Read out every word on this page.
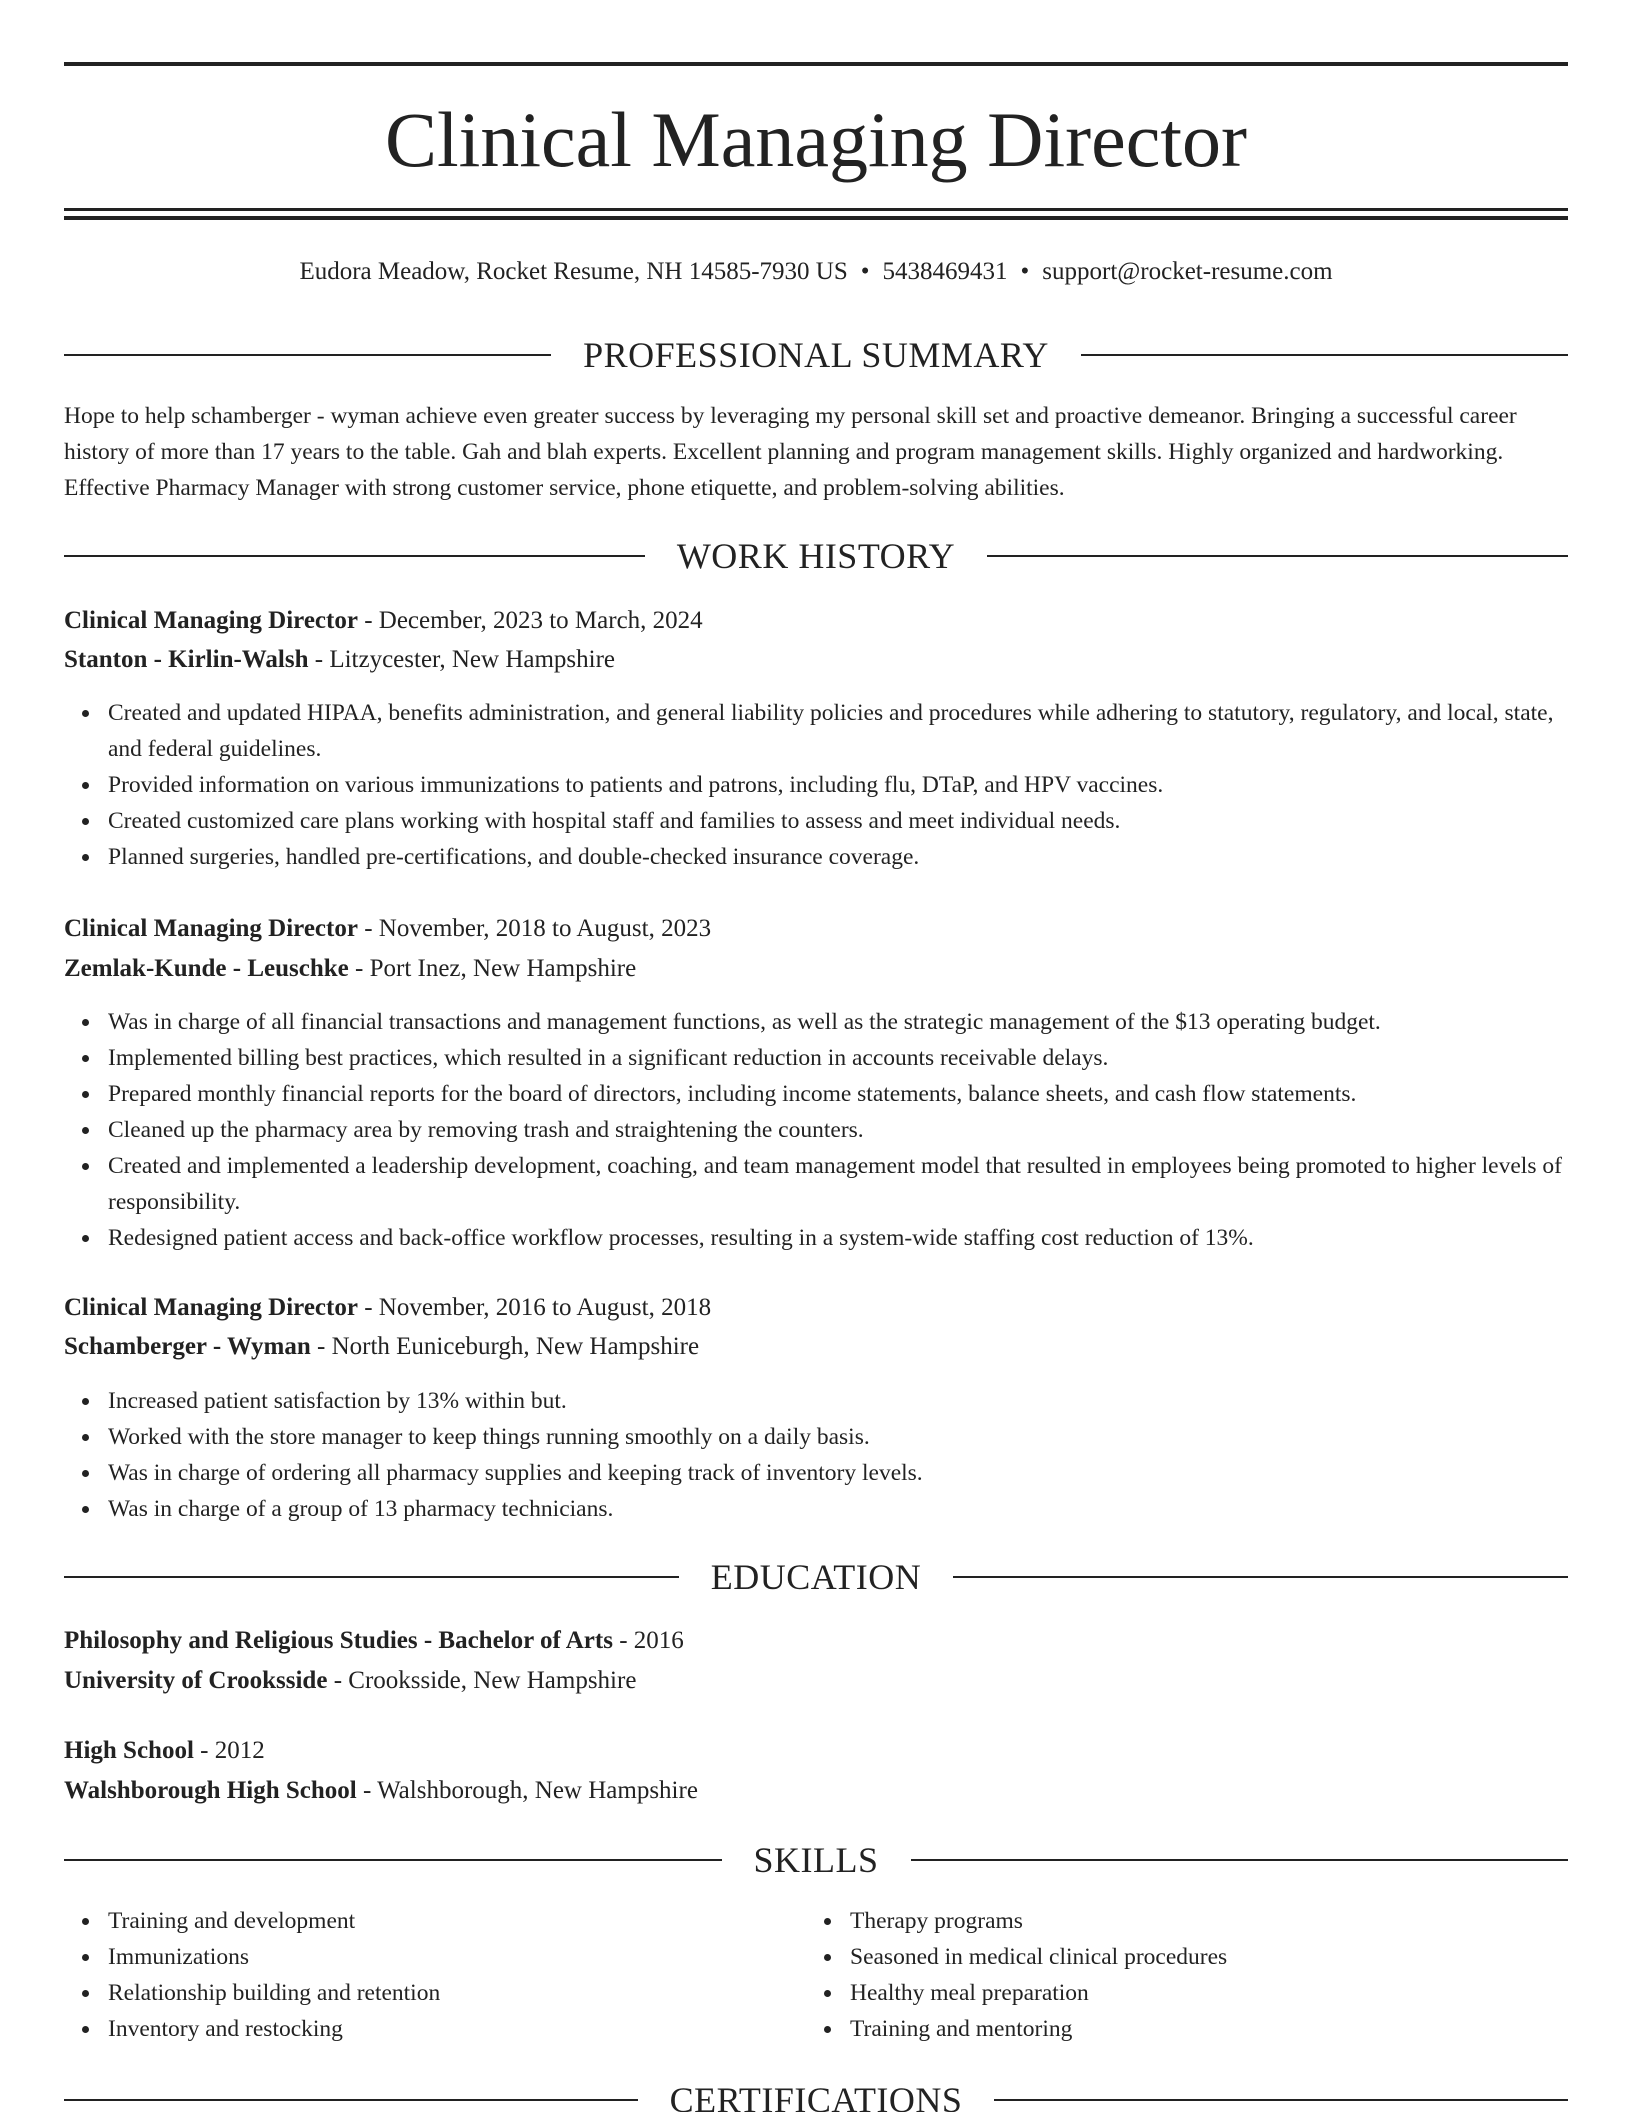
Clinical Managing Director
Eudora Meadow, Rocket Resume, NH 14585-7930 US • 5438469431 • support@rocket-resume.com
PROFESSIONAL SUMMARY

Hope to help schamberger - wyman achieve even greater success by leveraging my personal skill set and proactive demeanor. Bringing a successful career history of more than 17 years to the table. Gah and blah experts. Excellent planning and program management skills. Highly organized and hardworking. Effective Pharmacy Manager with strong customer service, phone etiquette, and problem-solving abilities.

WORK HISTORY
Clinical Managing Director - December, 2023 to March, 2024
Stanton - Kirlin-Walsh - Litzycester, New Hampshire
Created and updated HIPAA, benefits administration, and general liability policies and procedures while adhering to statutory, regulatory, and local, state, and federal guidelines.
Provided information on various immunizations to patients and patrons, including flu, DTaP, and HPV vaccines.
Created customized care plans working with hospital staff and families to assess and meet individual needs.
Planned surgeries, handled pre-certifications, and double-checked insurance coverage.
Clinical Managing Director - November, 2018 to August, 2023
Zemlak-Kunde - Leuschke - Port Inez, New Hampshire
Was in charge of all financial transactions and management functions, as well as the strategic management of the $13 operating budget.
Implemented billing best practices, which resulted in a significant reduction in accounts receivable delays.
Prepared monthly financial reports for the board of directors, including income statements, balance sheets, and cash flow statements.
Cleaned up the pharmacy area by removing trash and straightening the counters.
Created and implemented a leadership development, coaching, and team management model that resulted in employees being promoted to higher levels of responsibility.
Redesigned patient access and back-office workflow processes, resulting in a system-wide staffing cost reduction of 13%.
Clinical Managing Director - November, 2016 to August, 2018
Schamberger - Wyman - North Euniceburgh, New Hampshire
Increased patient satisfaction by 13% within but.
Worked with the store manager to keep things running smoothly on a daily basis.
Was in charge of ordering all pharmacy supplies and keeping track of inventory levels.
Was in charge of a group of 13 pharmacy technicians.
EDUCATION
Philosophy and Religious Studies - Bachelor of Arts - 2016
University of Crooksside - Crooksside, New Hampshire
High School - 2012
Walshborough High School - Walshborough, New Hampshire
SKILLS
Training and development
Immunizations
Relationship building and retention
Inventory and restocking
Therapy programs
Seasoned in medical clinical procedures
Healthy meal preparation
Training and mentoring
CERTIFICATIONS
